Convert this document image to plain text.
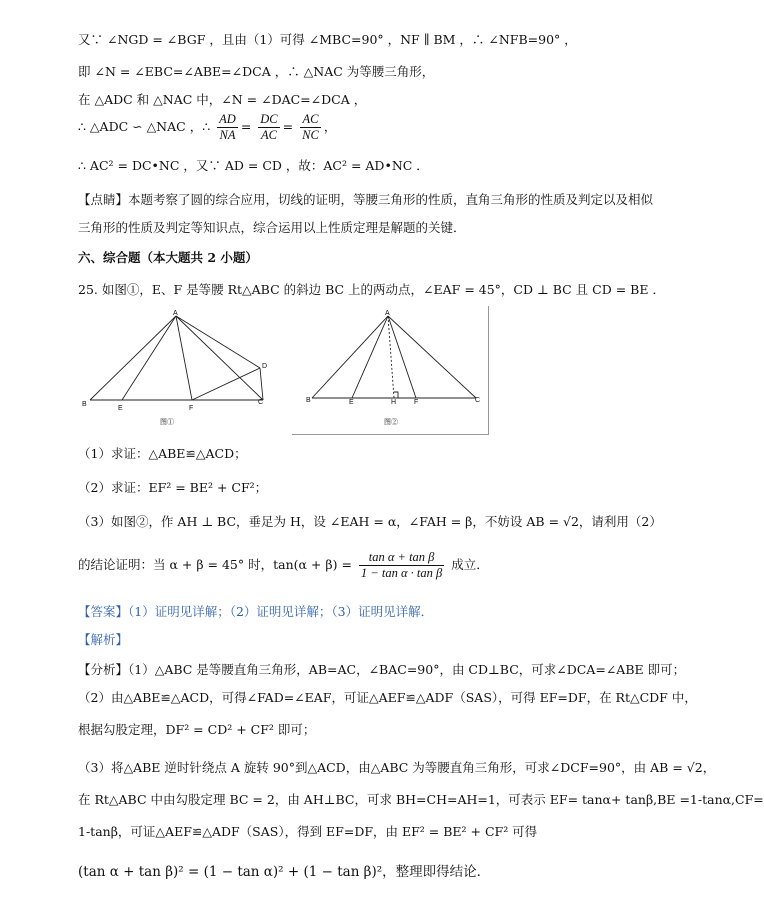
又∵ ∠NGD = ∠BGF ，且由（1）可得 ∠MBC=90° ，NF ∥ BM ，∴ ∠NFB=90° ，
即 ∠N = ∠EBC=∠ABE=∠DCA ，∴ △NAC 为等腰三角形，
在 △ADC 和 △NAC 中，∠N = ∠DAC=∠DCA ，
∴ △ADC ∽ △NAC ，∴ $\frac{AD}{NA} = \frac{DC}{AC} = \frac{AC}{NC}$ ，
∴ AC² = DC•NC ，又∵ AD = CD ，故：AC² = AD•NC ．
【点睛】本题考察了圆的综合应用，切线的证明，等腰三角形的性质，直角三角形的性质及判定以及相似
三角形的性质及判定等知识点，综合运用以上性质定理是解题的关键．
六、综合题（本大题共 2 小题）
25. 如图①，E、F 是等腰 Rt△ABC 的斜边 BC 上的两动点，∠EAF = 45°，CD ⊥ BC 且 CD = BE ．
A
B
E	F
C
D
图①
A
B	E	H	F	C
图②
（1）求证：△ABE≌△ACD；
（2）求证：EF² = BE² + CF²；
（3）如图②，作 AH ⊥ BC，垂足为 H，设 ∠EAH = α，∠FAH = β，不妨设 AB = √2，请利用（2）
的结论证明：当 α + β = 45° 时，$\tan(\alpha + \beta) = \frac{\text{tan α + tan β}}{\text{1 − tan α · tan β}}$ 成立．
【答案】（1）证明见详解；（2）证明见详解；（3）证明见详解．
【解析】
【分析】（1）△ABC 是等腰直角三角形，AB=AC，∠BAC=90°，由 CD⊥BC，可求∠DCA=∠ABE 即可；
（2）由△ABE≌△ACD，可得∠FAD=∠EAF，可证△AEF≌△ADF（SAS），可得 EF=DF，在 Rt△CDF 中，
根据勾股定理，DF² = CD² + CF² 即可；
（3）将△ABE 逆时针绕点 A 旋转 90°到△ACD，由△ABC 为等腰直角三角形，可求∠DCF=90°，由 AB = √2，
在 Rt△ABC 中由勾股定理 BC = 2，由 AH⊥BC，可求 BH=CH=AH=1，可表示 EF= tanα+ tanβ,BE =1-tanα,CF=
1-tanβ，可证△AEF≌△ADF（SAS），得到 EF=DF，由 EF² = BE² + CF² 可得
(tan α + tan β)² = (1 − tan α)² + (1 − tan β)²，整理即得结论．
